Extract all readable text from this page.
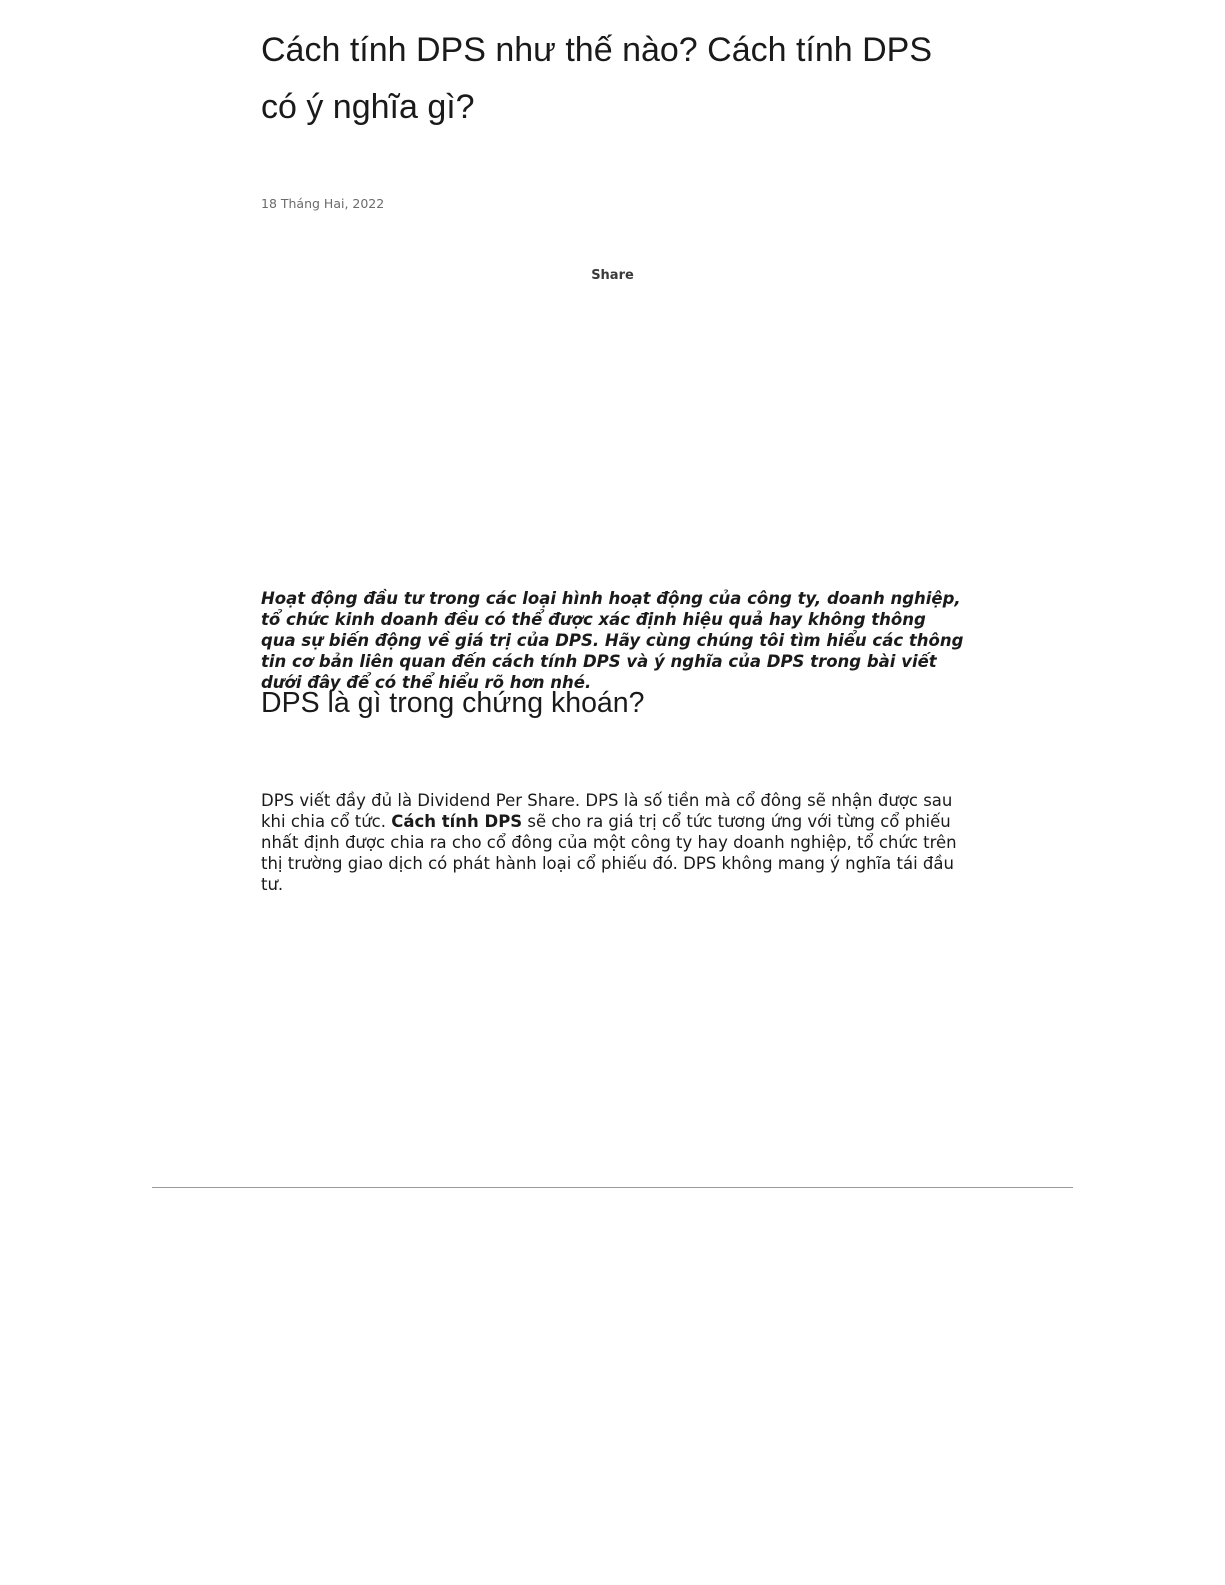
Cách tính DPS như thế nào? Cách tính DPS có ý nghĩa gì?

18 Tháng Hai, 2022

Share

Hoạt động đầu tư trong các loại hình hoạt động của công ty, doanh nghiệp, tổ chức kinh doanh đều có thể được xác định hiệu quả hay không thông qua sự biến động về giá trị của DPS. Hãy cùng chúng tôi tìm hiểu các thông tin cơ bản liên quan đến cách tính DPS và ý nghĩa của DPS trong bài viết dưới đây để có thể hiểu rõ hơn nhé.

DPS là gì trong chứng khoán?

DPS viết đầy đủ là Dividend Per Share. DPS là số tiền mà cổ đông sẽ nhận được sau khi chia cổ tức. Cách tính DPS sẽ cho ra giá trị cổ tức tương ứng với từng cổ phiếu nhất định được chia ra cho cổ đông của một công ty hay doanh nghiệp, tổ chức trên thị trường giao dịch có phát hành loại cổ phiếu đó. DPS không mang ý nghĩa tái đầu tư.
